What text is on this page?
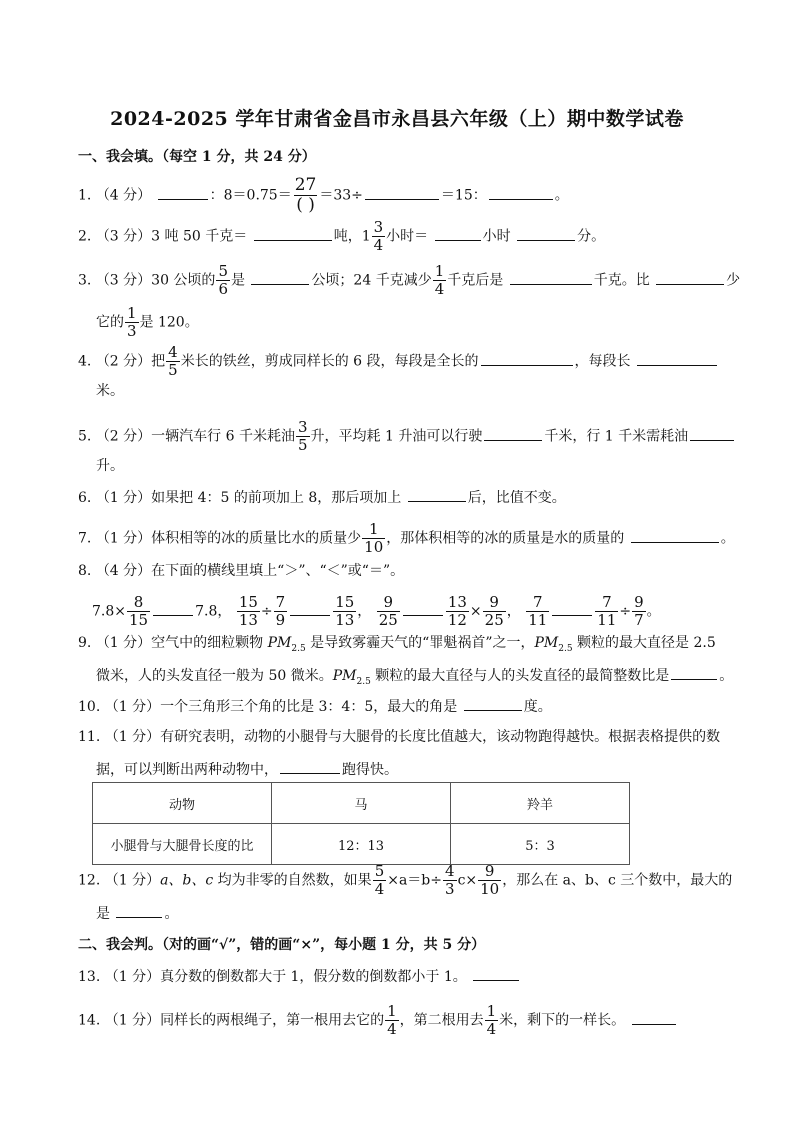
2024-2025 学年甘肃省金昌市永昌县六年级（上）期中数学试卷
一、我会填。（每空 1 分，共 24 分）
1. （4 分）	：$8=0.75= \frac{27}{( )} =33\div$	＝15：	。
2. （3 分）3 吨 50 千克＝	吨，$1 \frac{3}{4}$ 小时＝	小时	分。
3. （3 分）30 公顷的 $\frac{5}{6}$ 是	公顷；24 千克减少 $\frac{1}{4}$ 千克后是	千克。比	少
它的 $\frac{1}{3}$ 是 120。
4. （2 分）把 $\frac{4}{5}$ 米长的铁丝，剪成同样长的 6 段，每段是全长的	，每段长
米。
5. （2 分）一辆汽车行 6 千米耗油 $\frac{3}{5}$ 升，平均耗 1 升油可以行驶	千米，行 1 千米需耗油
升。
6. （1 分）如果把 4：5 的前项加上 8，那后项加上	后，比值不变。
7. （1 分）体积相等的冰的质量比水的质量少 $\frac{1}{10}$ ，那体积相等的冰的质量是水的质量的	。
8. （4 分）在下面的横线里填上“＞”、“＜”或“＝”。
$7.8\times \frac{8}{15}$	7.8， $\frac{15}{13} \div \frac{7}{9}$	$\frac{15}{13}$ ， $\frac{9}{25}$	$\frac{13}{12} \times \frac{9}{25}$ ， $\frac{7}{11}$	$\frac{7}{11} \div \frac{9}{7}$ 。
9. （1 分）空气中的细粒颗物 $PM_{2.5}$ 是导致雾霾天气的“罪魁祸首”之一，$PM_{2.5}$ 颗粒的最大直径是 2.5
微米，人的头发直径一般为 50 微米。$PM_{2.5}$ 颗粒的最大直径与人的头发直径的最简整数比是	。
10. （1 分）一个三角形三个角的比是 3：4：5，最大的角是	度。
11. （1 分）有研究表明，动物的小腿骨与大腿骨的长度比值越大，该动物跑得越快。根据表格提供的数
据，可以判断出两种动物中，	跑得快。
动物	马	羚羊
小腿骨与大腿骨长度的比	12：13	5：3
12. （1 分）a、b、c 均为非零的自然数，如果 $\frac{5}{4} \times a=b\div \frac{4}{3} c\times \frac{9}{10}$ ，那么在 a、b、c 三个数中，最大的
是	。
二、我会判。（对的画“√”，错的画“×”，每小题 1 分，共 5 分）
13. （1 分）真分数的倒数都大于 1，假分数的倒数都小于 1。
14. （1 分）同样长的两根绳子，第一根用去它的 $\frac{1}{4}$ ，第二根用去 $\frac{1}{4}$ 米，剩下的一样长。
